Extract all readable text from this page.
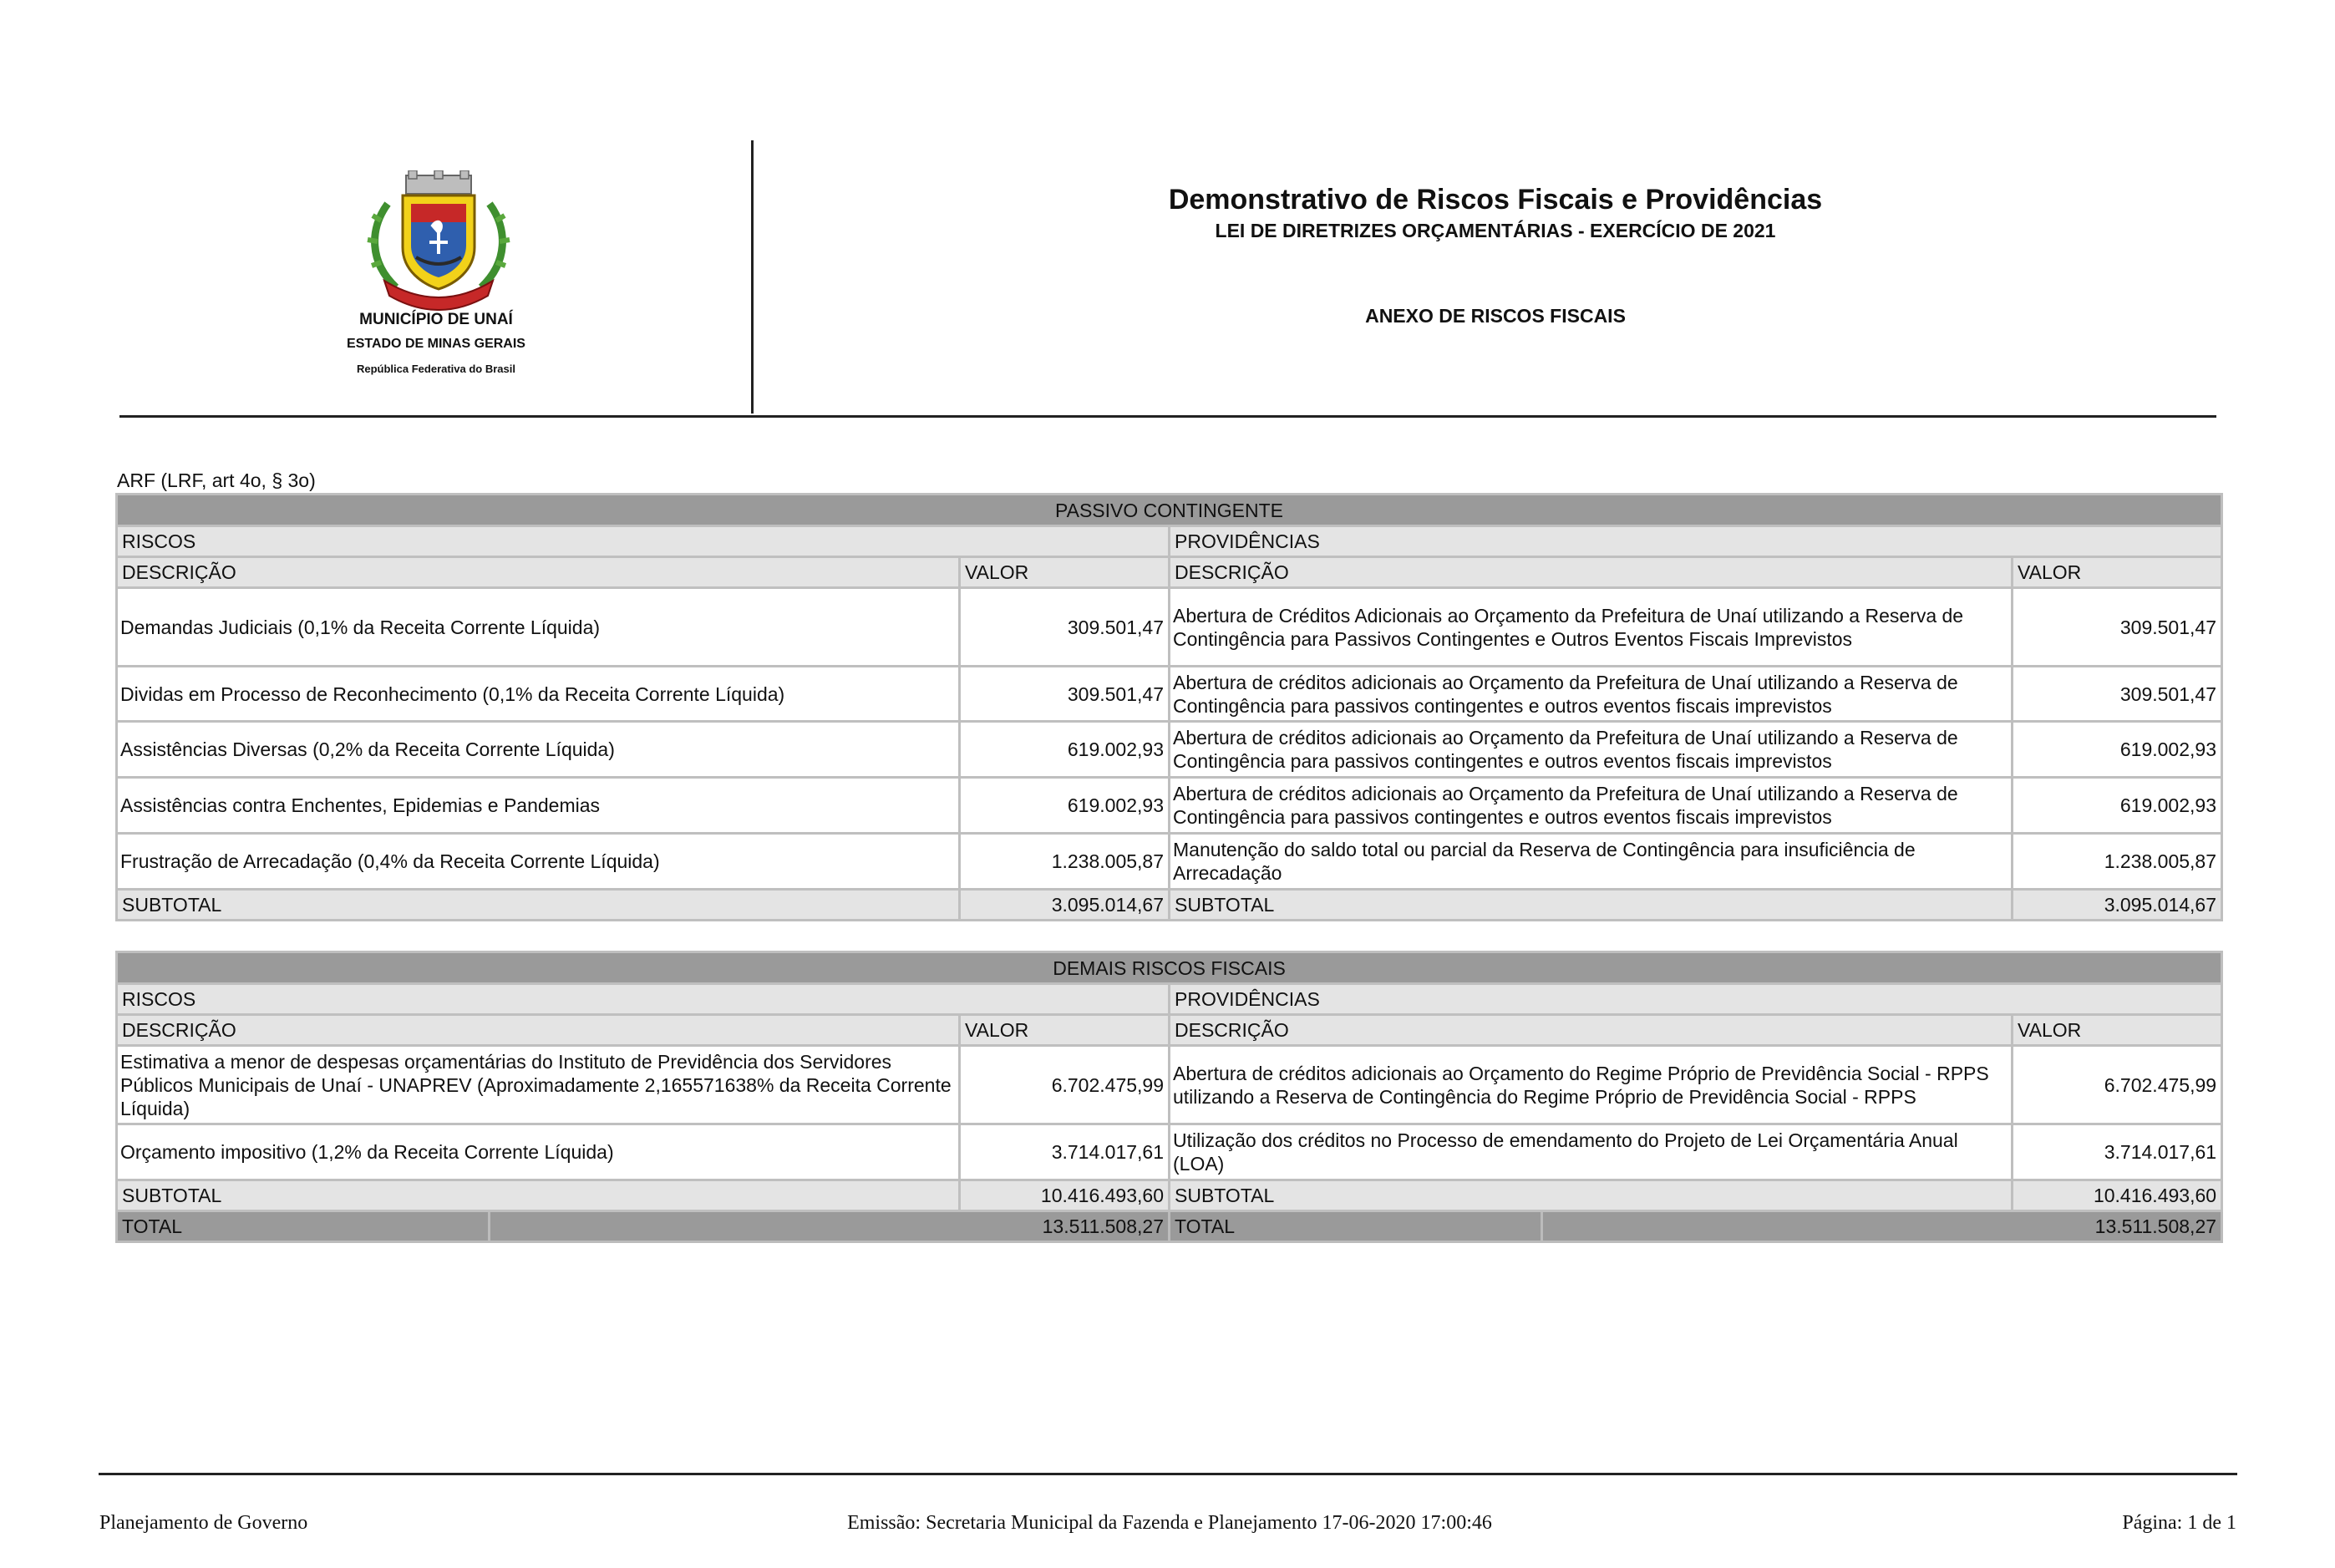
MUNICÍPIO DE UNAÍ
ESTADO DE MINAS GERAIS
República Federativa do Brasil
Demonstrativo de Riscos Fiscais e Providências
LEI DE DIRETRIZES ORÇAMENTÁRIAS - EXERCÍCIO DE 2021
ANEXO DE RISCOS FISCAIS
ARF (LRF, art 4o, § 3o)
PASSIVO CONTINGENTE			
RISCOS		PROVIDÊNCIAS	
DESCRIÇÃO	VALOR	DESCRIÇÃO	VALOR
Demandas Judiciais (0,1% da Receita Corrente Líquida)	309.501,47	Abertura de Créditos Adicionais ao Orçamento da Prefeitura de Unaí utilizando a Reserva de Contingência para Passivos Contingentes e Outros Eventos Fiscais Imprevistos	309.501,47
Dividas em Processo de Reconhecimento (0,1% da Receita Corrente Líquida)	309.501,47	Abertura de créditos adicionais ao Orçamento da Prefeitura de Unaí utilizando a Reserva de Contingência para passivos contingentes e outros eventos fiscais imprevistos	309.501,47
Assistências Diversas (0,2% da Receita Corrente Líquida)	619.002,93	Abertura de créditos adicionais ao Orçamento da Prefeitura de Unaí utilizando a Reserva de Contingência para passivos contingentes e outros eventos fiscais imprevistos	619.002,93
Assistências contra Enchentes, Epidemias e Pandemias	619.002,93	Abertura de créditos adicionais ao Orçamento da Prefeitura de Unaí utilizando a Reserva de Contingência para passivos contingentes e outros eventos fiscais imprevistos	619.002,93
Frustração de Arrecadação (0,4% da Receita Corrente Líquida)	1.238.005,87	Manutenção do saldo total ou parcial da Reserva de Contingência para insuficiência de Arrecadação	1.238.005,87
SUBTOTAL	3.095.014,67	SUBTOTAL	3.095.014,67
DEMAIS RISCOS FISCAIS					
RISCOS			PROVIDÊNCIAS		
DESCRIÇÃO		VALOR	DESCRIÇÃO		VALOR
Estimativa a menor de despesas orçamentárias do Instituto de Previdência dos Servidores Públicos Municipais de Unaí - UNAPREV (Aproximadamente 2,165571638% da Receita Corrente Líquida)		6.702.475,99	Abertura de créditos adicionais ao Orçamento do Regime Próprio de Previdência Social - RPPS utilizando a Reserva de Contingência do Regime Próprio de Previdência Social - RPPS		6.702.475,99
Orçamento impositivo (1,2% da Receita Corrente Líquida)		3.714.017,61	Utilização dos créditos no Processo de emendamento do Projeto de Lei Orçamentária Anual (LOA)		3.714.017,61
SUBTOTAL		10.416.493,60	SUBTOTAL		10.416.493,60
TOTAL	13.511.508,27		TOTAL	13.511.508,27	
Planejamento de Governo	Emissão: Secretaria Municipal da Fazenda e Planejamento 17-06-2020 17:00:46	Página: 1 de 1
